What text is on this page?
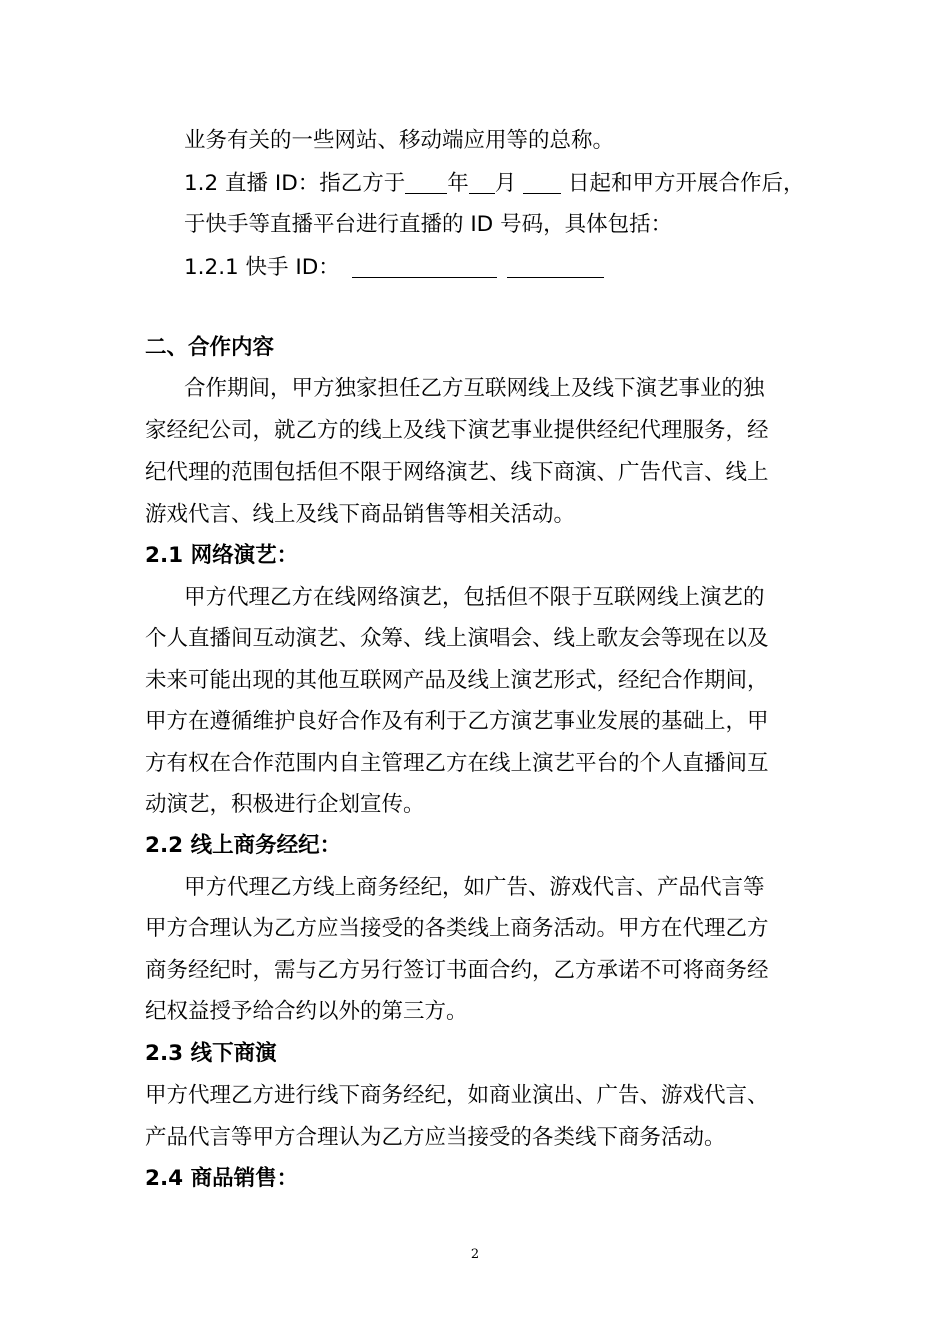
业务有关的一些网站、移动端应用等的总称。
1.2 直播 ID：指乙方于 年 月 日起和甲方开展合作后，
于快手等直播平台进行直播的 ID 号码，具体包括：
1.2.1 快手 ID：
二、合作内容
合作期间，甲方独家担任乙方互联网线上及线下演艺事业的独
家经纪公司，就乙方的线上及线下演艺事业提供经纪代理服务，经
纪代理的范围包括但不限于网络演艺、线下商演、广告代言、线上
游戏代言、线上及线下商品销售等相关活动。
2.1 网络演艺：
甲方代理乙方在线网络演艺，包括但不限于互联网线上演艺的
个人直播间互动演艺、众筹、线上演唱会、线上歌友会等现在以及
未来可能出现的其他互联网产品及线上演艺形式，经纪合作期间，
甲方在遵循维护良好合作及有利于乙方演艺事业发展的基础上，甲
方有权在合作范围内自主管理乙方在线上演艺平台的个人直播间互
动演艺，积极进行企划宣传。
2.2 线上商务经纪：
甲方代理乙方线上商务经纪，如广告、游戏代言、产品代言等
甲方合理认为乙方应当接受的各类线上商务活动。甲方在代理乙方
商务经纪时，需与乙方另行签订书面合约，乙方承诺不可将商务经
纪权益授予给合约以外的第三方。
2.3 线下商演
甲方代理乙方进行线下商务经纪，如商业演出、广告、游戏代言、
产品代言等甲方合理认为乙方应当接受的各类线下商务活动。
2.4 商品销售：
2
